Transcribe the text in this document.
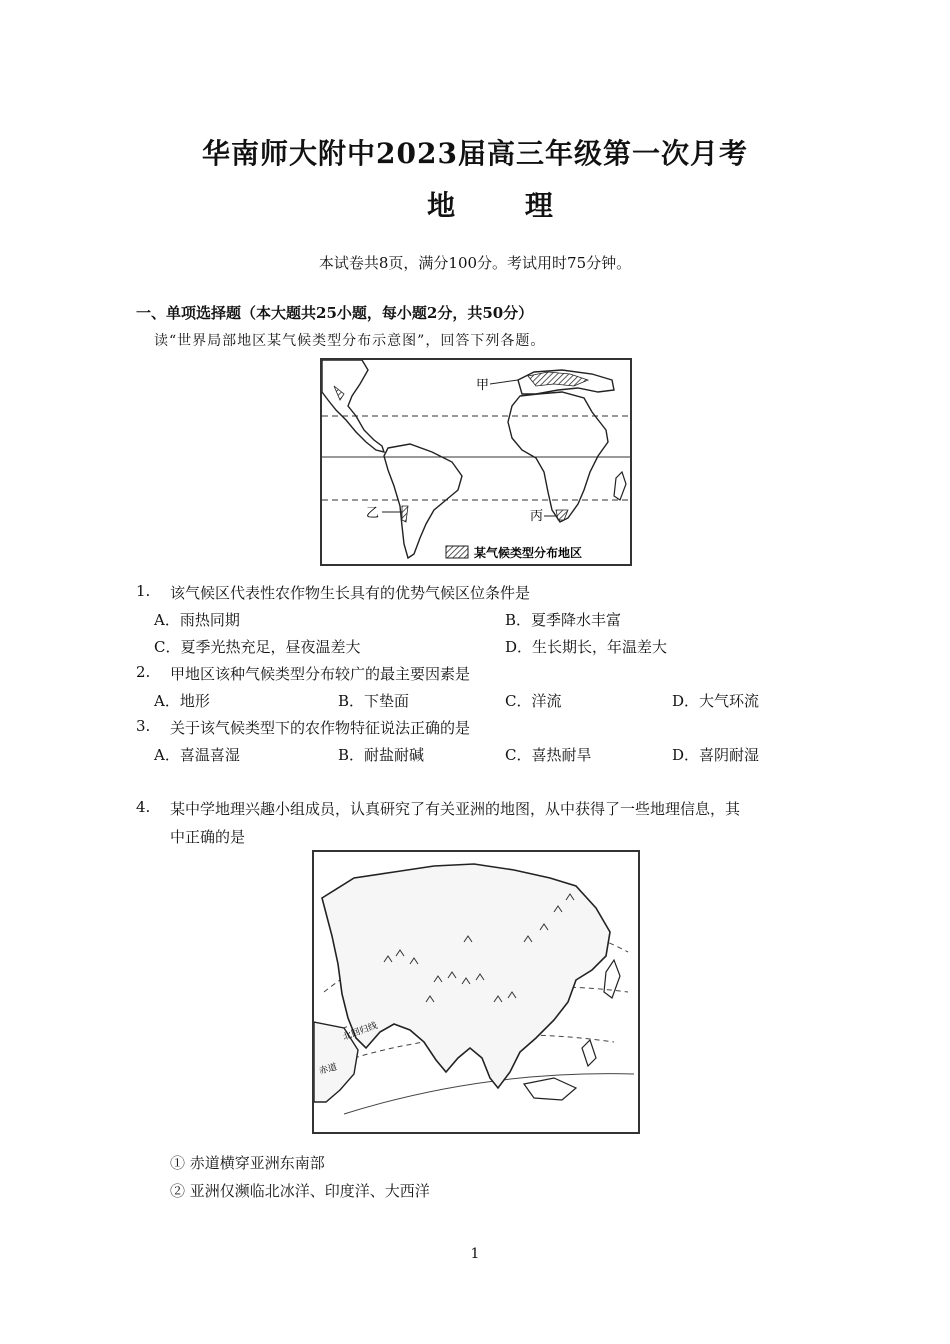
华南师大附中2023届高三年级第一次月考
地 理
本试卷共8页，满分100分。考试用时75分钟。
一、单项选择题（本大题共25小题，每小题2分，共50分）
读“世界局部地区某气候类型分布示意图”，回答下列各题。
甲
乙	丙
某气候类型分布地区
1. 该气候区代表性农作物生长具有的优势气候区位条件是
A．雨热同期	B．夏季降水丰富
C．夏季光热充足，昼夜温差大	D．生长期长，年温差大
2. 甲地区该种气候类型分布较广的最主要因素是
A．地形	B．下垫面	C．洋流	D．大气环流
3. 关于该气候类型下的农作物特征说法正确的是
A．喜温喜湿	B．耐盐耐碱	C．喜热耐旱	D．喜阴耐湿
4. 某中学地理兴趣小组成员，认真研究了有关亚洲的地图，从中获得了一些地理信息，其
中正确的是
北回归线
赤道
① 赤道横穿亚洲东南部
② 亚洲仅濒临北冰洋、印度洋、大西洋
1
